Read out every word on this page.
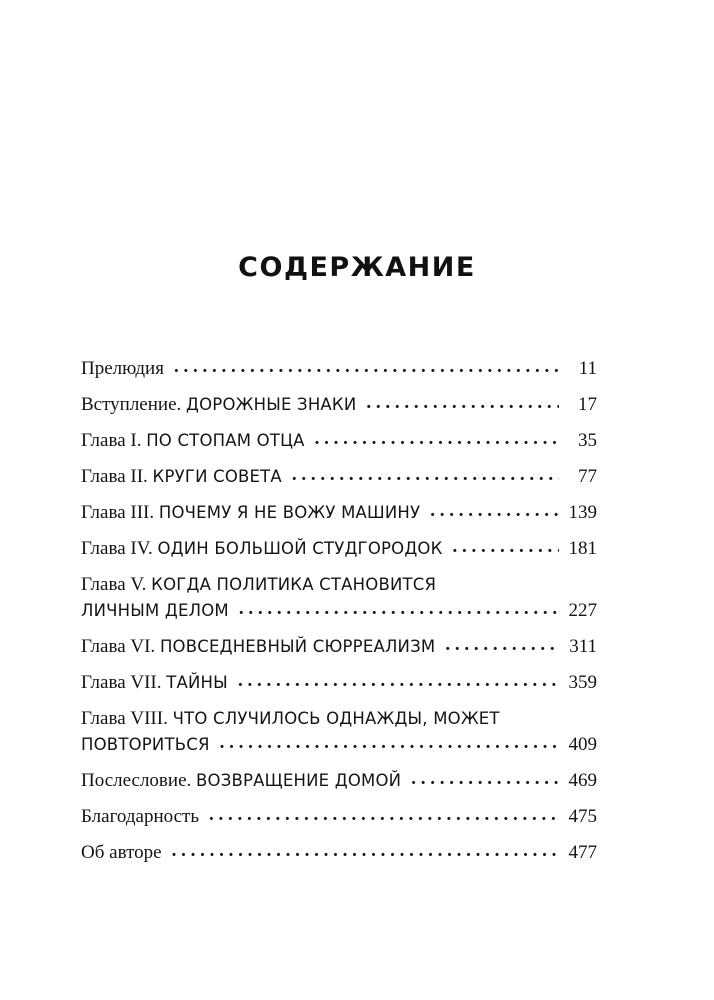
СОДЕРЖАНИЕ
Прелюдия . . .	11
Вступление. ДОРОЖНЫЕ ЗНАКИ . . .	17
Глава I. ПО СТОПАМ ОТЦА . . .	35
Глава II. КРУГИ СОВЕТА . . .	77
Глава III. ПОЧЕМУ Я НЕ ВОЖУ МАШИНУ . . .	139
Глава IV. ОДИН БОЛЬШОЙ СТУДГОРОДОК . . .	181
Глава V. КОГДА ПОЛИТИКА СТАНОВИТСЯ
ЛИЧНЫМ ДЕЛОМ . . .	227
Глава VI. ПОВСЕДНЕВНЫЙ СЮРРЕАЛИЗМ . . .	311
Глава VII. ТАЙНЫ . . .	359
Глава VIII. ЧТО СЛУЧИЛОСЬ ОДНАЖДЫ, МОЖЕТ
ПОВТОРИТЬСЯ . . .	409
Послесловие. ВОЗВРАЩЕНИЕ ДОМОЙ . . .	469
Благодарность . . .	475
Об авторе . . .	477
